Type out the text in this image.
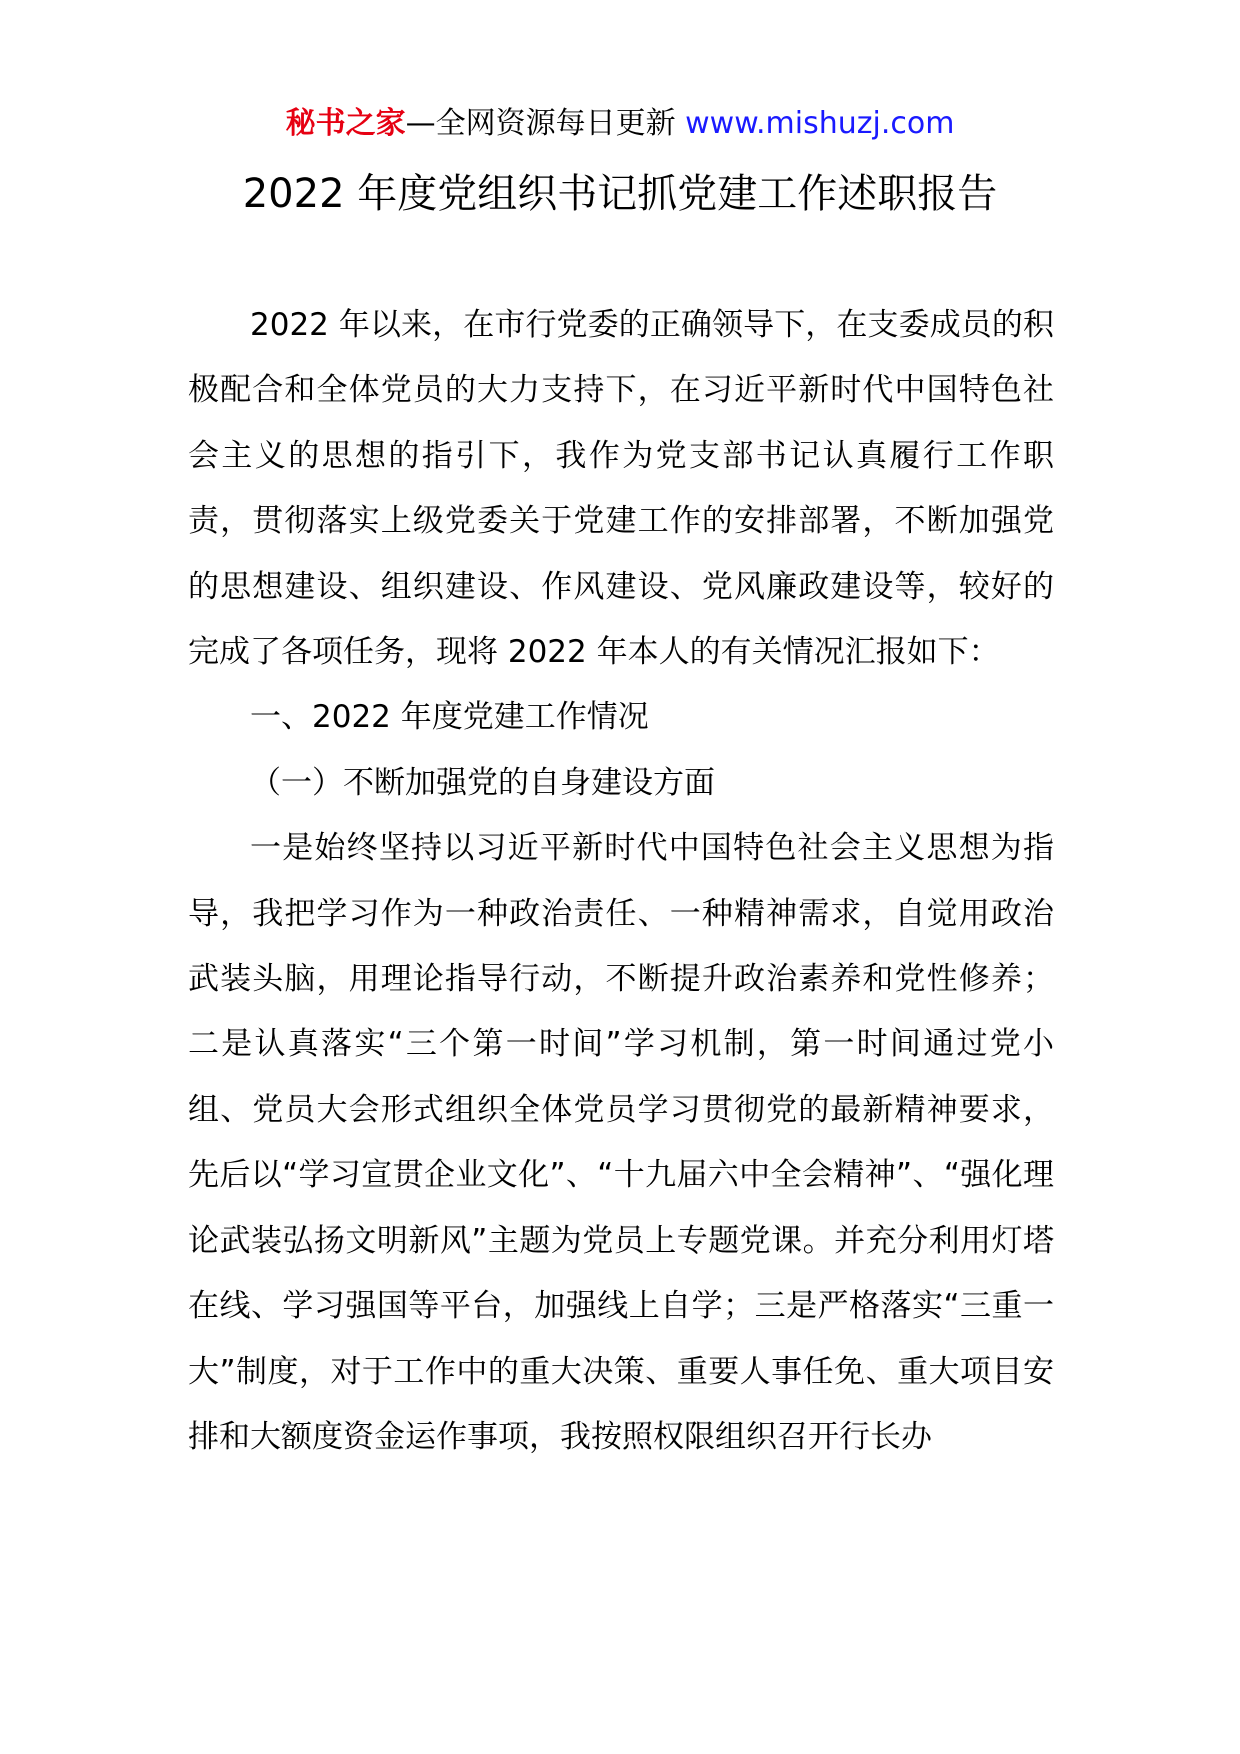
秘书之家—全网资源每日更新 www.mishuzj.com
2022 年度党组织书记抓党建工作述职报告

2022 年以来，在市行党委的正确领导下，在支委成员的积极配合和全体党员的大力支持下，在习近平新时代中国特色社会主义的思想的指引下，我作为党支部书记认真履行工作职责，贯彻落实上级党委关于党建工作的安排部署，不断加强党的思想建设、组织建设、作风建设、党风廉政建设等，较好的完成了各项任务，现将 2022 年本人的有关情况汇报如下：

一、2022 年度党建工作情况

（一）不断加强党的自身建设方面

一是始终坚持以习近平新时代中国特色社会主义思想为指导，我把学习作为一种政治责任、一种精神需求，自觉用政治武装头脑，用理论指导行动，不断提升政治素养和党性修养；二是认真落实“三个第一时间”学习机制，第一时间通过党小组、党员大会形式组织全体党员学习贯彻党的最新精神要求，先后以“学习宣贯企业文化”、“十九届六中全会精神”、“强化理论武装弘扬文明新风”主题为党员上专题党课。并充分利用灯塔在线、学习强国等平台，加强线上自学；三是严格落实“三重一大”制度，对于工作中的重大决策、重要人事任免、重大项目安排和大额度资金运作事项，我按照权限组织召开行长办
